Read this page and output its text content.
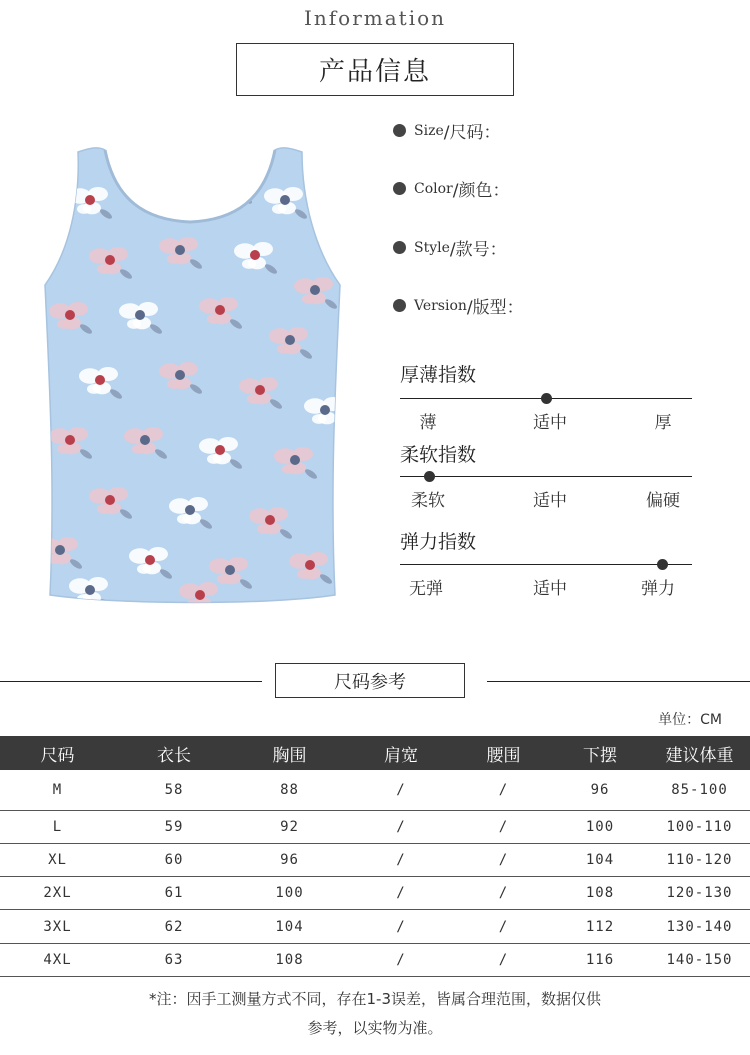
Information
产品信息
Size /尺码：
Color /颜色：
Style /款号：
Version /版型：
厚薄指数
薄	适中	厚
柔软指数
柔软	适中	偏硬
弹力指数
无弹	适中	弹力
尺码参考
单位：CM
尺码	衣长	胸围	肩宽	腰围	下摆	建议体重
M	58	88	/	/	96	85-100
L	59	92	/	/	100	100-110
XL	60	96	/	/	104	110-120
2XL	61	100	/	/	108	120-130
3XL	62	104	/	/	112	130-140
4XL	63	108	/	/	116	140-150
*注：因手工测量方式不同，存在1-3误差，皆属合理范围，数据仅供
参考，以实物为准。
